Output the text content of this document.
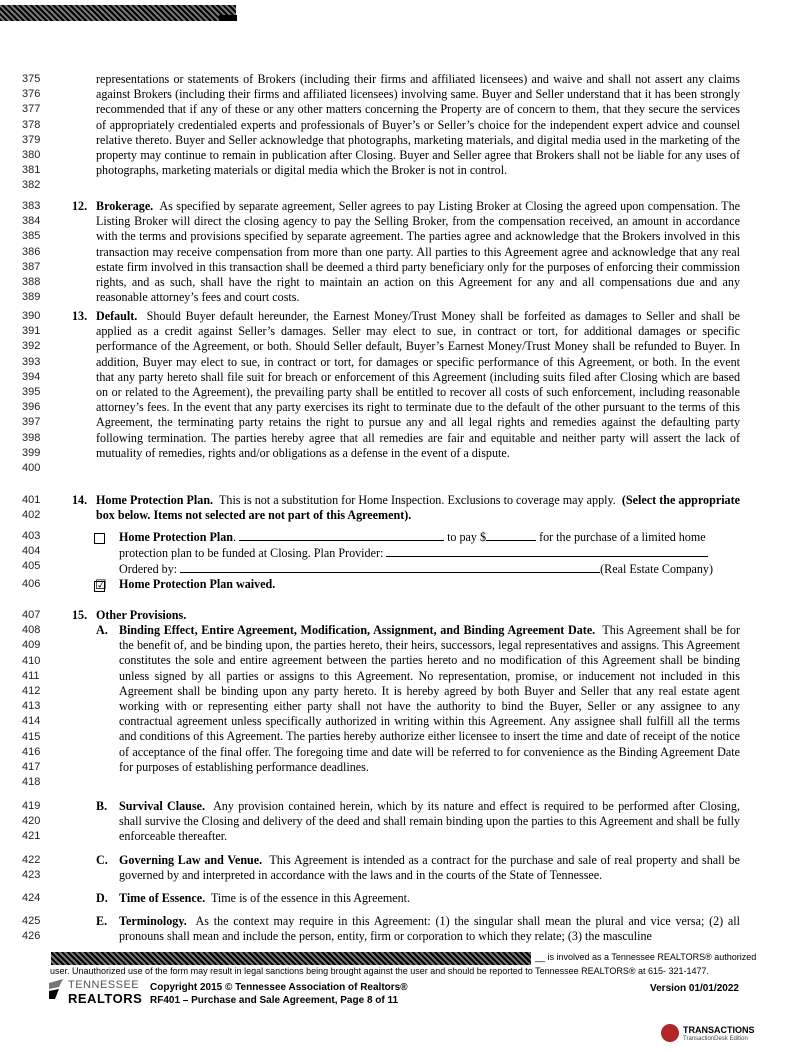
375
376
377
378
379
380
381
382
representations or statements of Brokers (including their firms and affiliated licensees) and waive and shall not assert any claims against Brokers (including their firms and affiliated licensees) involving same. Buyer and Seller understand that it has been strongly recommended that if any of these or any other matters concerning the Property are of concern to them, that they secure the services of appropriately credentialed experts and professionals of Buyer’s or Seller’s choice for the independent expert advice and counsel relative thereto. Buyer and Seller acknowledge that photographs, marketing materials, and digital media used in the marketing of the property may continue to remain in publication after Closing. Buyer and Seller agree that Brokers shall not be liable for any uses of photographs, marketing materials or digital media which the Broker is not in control.
383
384
385
386
387
388
389
12. Brokerage. As specified by separate agreement, Seller agrees to pay Listing Broker at Closing the agreed upon compensation. The Listing Broker will direct the closing agency to pay the Selling Broker, from the compensation received, an amount in accordance with the terms and provisions specified by separate agreement. The parties agree and acknowledge that the Brokers involved in this transaction may receive compensation from more than one party. All parties to this Agreement agree and acknowledge that any real estate firm involved in this transaction shall be deemed a third party beneficiary only for the purposes of enforcing their commission rights, and as such, shall have the right to maintain an action on this Agreement for any and all compensations due and any reasonable attorney’s fees and court costs.
390
391
392
393
394
395
396
397
398
399
400
13. Default. Should Buyer default hereunder, the Earnest Money/Trust Money shall be forfeited as damages to Seller and shall be applied as a credit against Seller’s damages. Seller may elect to sue, in contract or tort, for additional damages or specific performance of the Agreement, or both. Should Seller default, Buyer’s Earnest Money/Trust Money shall be refunded to Buyer. In addition, Buyer may elect to sue, in contract or tort, for damages or specific performance of this Agreement, or both. In the event that any party hereto shall file suit for breach or enforcement of this Agreement (including suits filed after Closing which are based on or related to the Agreement), the prevailing party shall be entitled to recover all costs of such enforcement, including reasonable attorney’s fees. In the event that any party exercises its right to terminate due to the default of the other pursuant to the terms of this Agreement, the terminating party retains the right to pursue any and all legal rights and remedies against the defaulting party following termination. The parties hereby agree that all remedies are fair and equitable and neither party will assert the lack of mutuality of remedies, rights and/or obligations as a defense in the event of a dispute.
401
402
14. Home Protection Plan. This is not a substitution for Home Inspection. Exclusions to coverage may apply. (Select the appropriate box below. Items not selected are not part of this Agreement).
403
404
405
Home Protection Plan.	to pay $	for the purchase of a limited home
protection plan to be funded at Closing. Plan Provider:
Ordered by:	(Real Estate Company)
406	☑ Home Protection Plan waived.
407
408
409
410
411
412
413
414
415
416
417
418
15. Other Provisions.
A. Binding Effect, Entire Agreement, Modification, Assignment, and Binding Agreement Date. This Agreement shall be for the benefit of, and be binding upon, the parties hereto, their heirs, successors, legal representatives and assigns. This Agreement constitutes the sole and entire agreement between the parties hereto and no modification of this Agreement shall be binding unless signed by all parties or assigns to this Agreement. No representation, promise, or inducement not included in this Agreement shall be binding upon any party hereto. It is hereby agreed by both Buyer and Seller that any real estate agent working with or representing either party shall not have the authority to bind the Buyer, Seller or any assignee to any contractual agreement unless specifically authorized in writing within this Agreement. Any assignee shall fulfill all the terms and conditions of this Agreement. The parties hereby authorize either licensee to insert the time and date of receipt of the notice of acceptance of the final offer. The foregoing time and date will be referred to for convenience as the Binding Agreement Date for purposes of establishing performance deadlines.
419
420
421
B. Survival Clause. Any provision contained herein, which by its nature and effect is required to be performed after Closing, shall survive the Closing and delivery of the deed and shall remain binding upon the parties to this Agreement and shall be fully enforceable thereafter.
422
423
C. Governing Law and Venue. This Agreement is intended as a contract for the purchase and sale of real property and shall be governed by and interpreted in accordance with the laws and in the courts of the State of Tennessee.
424	D. Time of Essence. Time is of the essence in this Agreement.
425
426
E. Terminology. As the context may require in this Agreement: (1) the singular shall mean the plural and vice versa; (2) all pronouns shall mean and include the person, entity, firm or corporation to which they relate; (3) the masculine
__ is involved as a Tennessee REALTORS® authorized
user. Unauthorized use of the form may result in legal sanctions being brought against the user and should be reported to Tennessee REALTORS® at 615- 321-1477.
TENNESSEE
REALTORS
Copyright 2015 © Tennessee Association of Realtors®
RF401 – Purchase and Sale Agreement, Page 8 of 11
Version 01/01/2022
TRANSACTIONS
TransactionDesk Edition
